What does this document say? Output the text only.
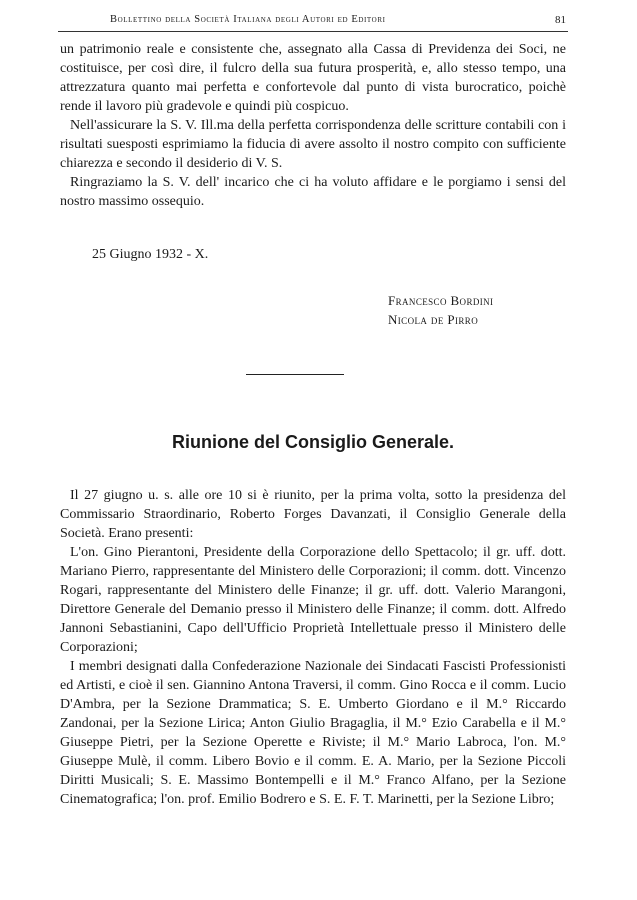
Bollettino della Società Italiana degli Autori ed Editori	81

un patrimonio reale e consistente che, assegnato alla Cassa di Previdenza dei Soci, ne costituisce, per così dire, il fulcro della sua futura prosperità, e, allo stesso tempo, una attrezzatura quanto mai perfetta e confortevole dal punto di vista burocratico, poichè rende il lavoro più gradevole e quindi più cospicuo.

Nell'assicurare la S. V. Ill.ma della perfetta corrispondenza delle scritture contabili con i risultati suesposti esprimiamo la fiducia di avere assolto il nostro compito con sufficiente chiarezza e secondo il desiderio di V. S.

Ringraziamo la S. V. dell' incarico che ci ha voluto affidare e le porgiamo i sensi del nostro massimo ossequio.

25 Giugno 1932 - X.
Francesco Bordini
Nicola de Pirro
Riunione del Consiglio Generale.

Il 27 giugno u. s. alle ore 10 si è riunito, per la prima volta, sotto la presidenza del Commissario Straordinario, Roberto Forges Davanzati, il Consiglio Generale della Società. Erano presenti:

L'on. Gino Pierantoni, Presidente della Corporazione dello Spettacolo; il gr. uff. dott. Mariano Pierro, rappresentante del Ministero delle Corporazioni; il comm. dott. Vincenzo Rogari, rappresentante del Ministero delle Finanze; il gr. uff. dott. Valerio Marangoni, Direttore Generale del Demanio presso il Ministero delle Finanze; il comm. dott. Alfredo Jannoni Sebastianini, Capo dell'Ufficio Proprietà Intellettuale presso il Ministero delle Corporazioni;

I membri designati dalla Confederazione Nazionale dei Sindacati Fascisti Professionisti ed Artisti, e cioè il sen. Giannino Antona Traversi, il comm. Gino Rocca e il comm. Lucio D'Ambra, per la Sezione Drammatica; S. E. Umberto Giordano e il M.° Riccardo Zandonai, per la Sezione Lirica; Anton Giulio Bragaglia, il M.° Ezio Carabella e il M.° Giuseppe Pietri, per la Sezione Operette e Riviste; il M.° Mario Labroca, l'on. M.° Giuseppe Mulè, il comm. Libero Bovio e il comm. E. A. Mario, per la Sezione Piccoli Diritti Musicali; S. E. Massimo Bontempelli e il M.° Franco Alfano, per la Sezione Cinematografica; l'on. prof. Emilio Bodrero e S. E. F. T. Marinetti, per la Sezione Libro;
